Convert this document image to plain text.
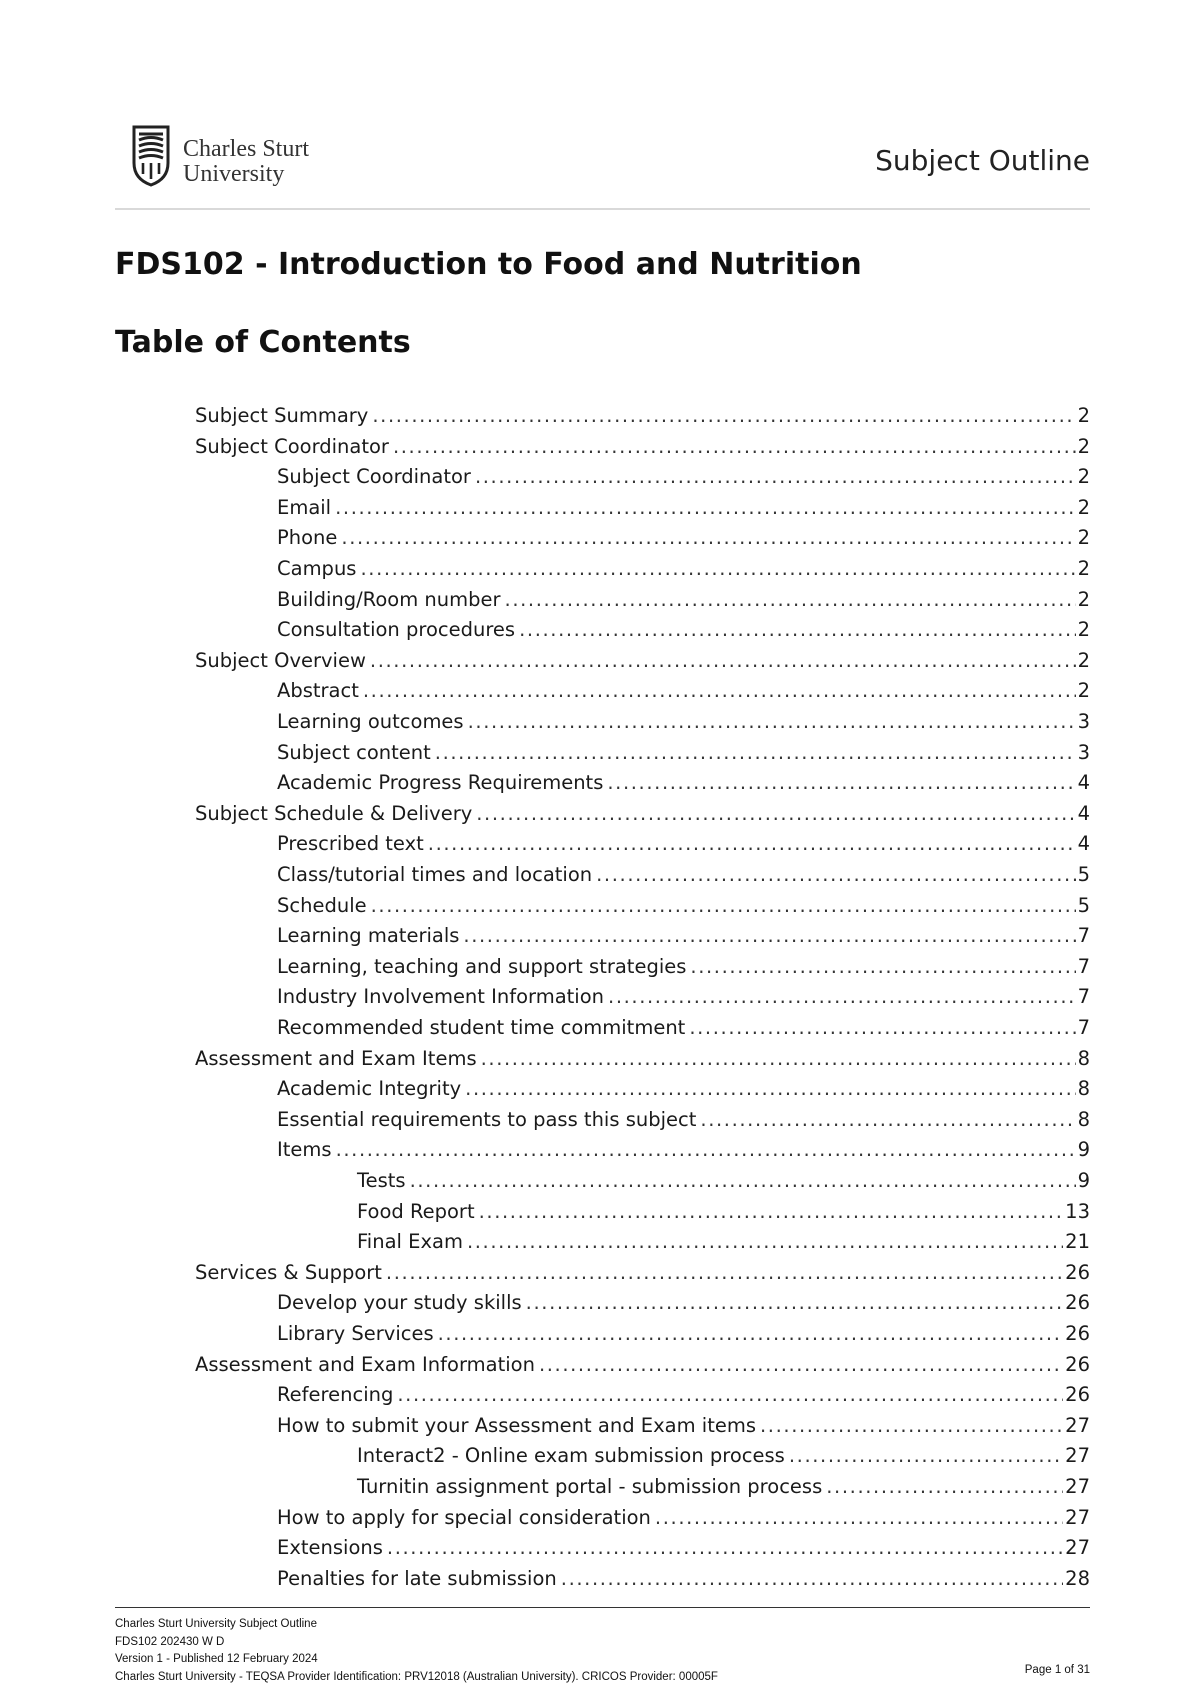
Charles Sturt
University	Subject Outline
FDS102 - Introduction to Food and Nutrition
Table of Contents
Subject Summary .....	2
Subject Coordinator .....	2
Subject Coordinator .....	2
Email .....	2
Phone .....	2
Campus .....	2
Building/Room number .....	2
Consultation procedures .....	2
Subject Overview .....	2
Abstract .....	2
Learning outcomes .....	3
Subject content .....	3
Academic Progress Requirements .....	4
Subject Schedule & Delivery .....	4
Prescribed text .....	4
Class/tutorial times and location .....	5
Schedule .....	5
Learning materials .....	7
Learning, teaching and support strategies .....	7
Industry Involvement Information .....	7
Recommended student time commitment .....	7
Assessment and Exam Items .....	8
Academic Integrity .....	8
Essential requirements to pass this subject .....	8
Items .....	9
Tests .....	9
Food Report .....	13
Final Exam .....	21
Services & Support .....	26
Develop your study skills .....	26
Library Services .....	26
Assessment and Exam Information .....	26
Referencing .....	26
How to submit your Assessment and Exam items .....	27
Interact2 - Online exam submission process .....	27
Turnitin assignment portal - submission process .....	27
How to apply for special consideration .....	27
Extensions .....	27
Penalties for late submission .....	28
Charles Sturt University Subject Outline
FDS102 202430 W D
Version 1 - Published 12 February 2024
Charles Sturt University - TEQSA Provider Identification: PRV12018 (Australian University). CRICOS Provider: 00005F
Page 1 of 31
